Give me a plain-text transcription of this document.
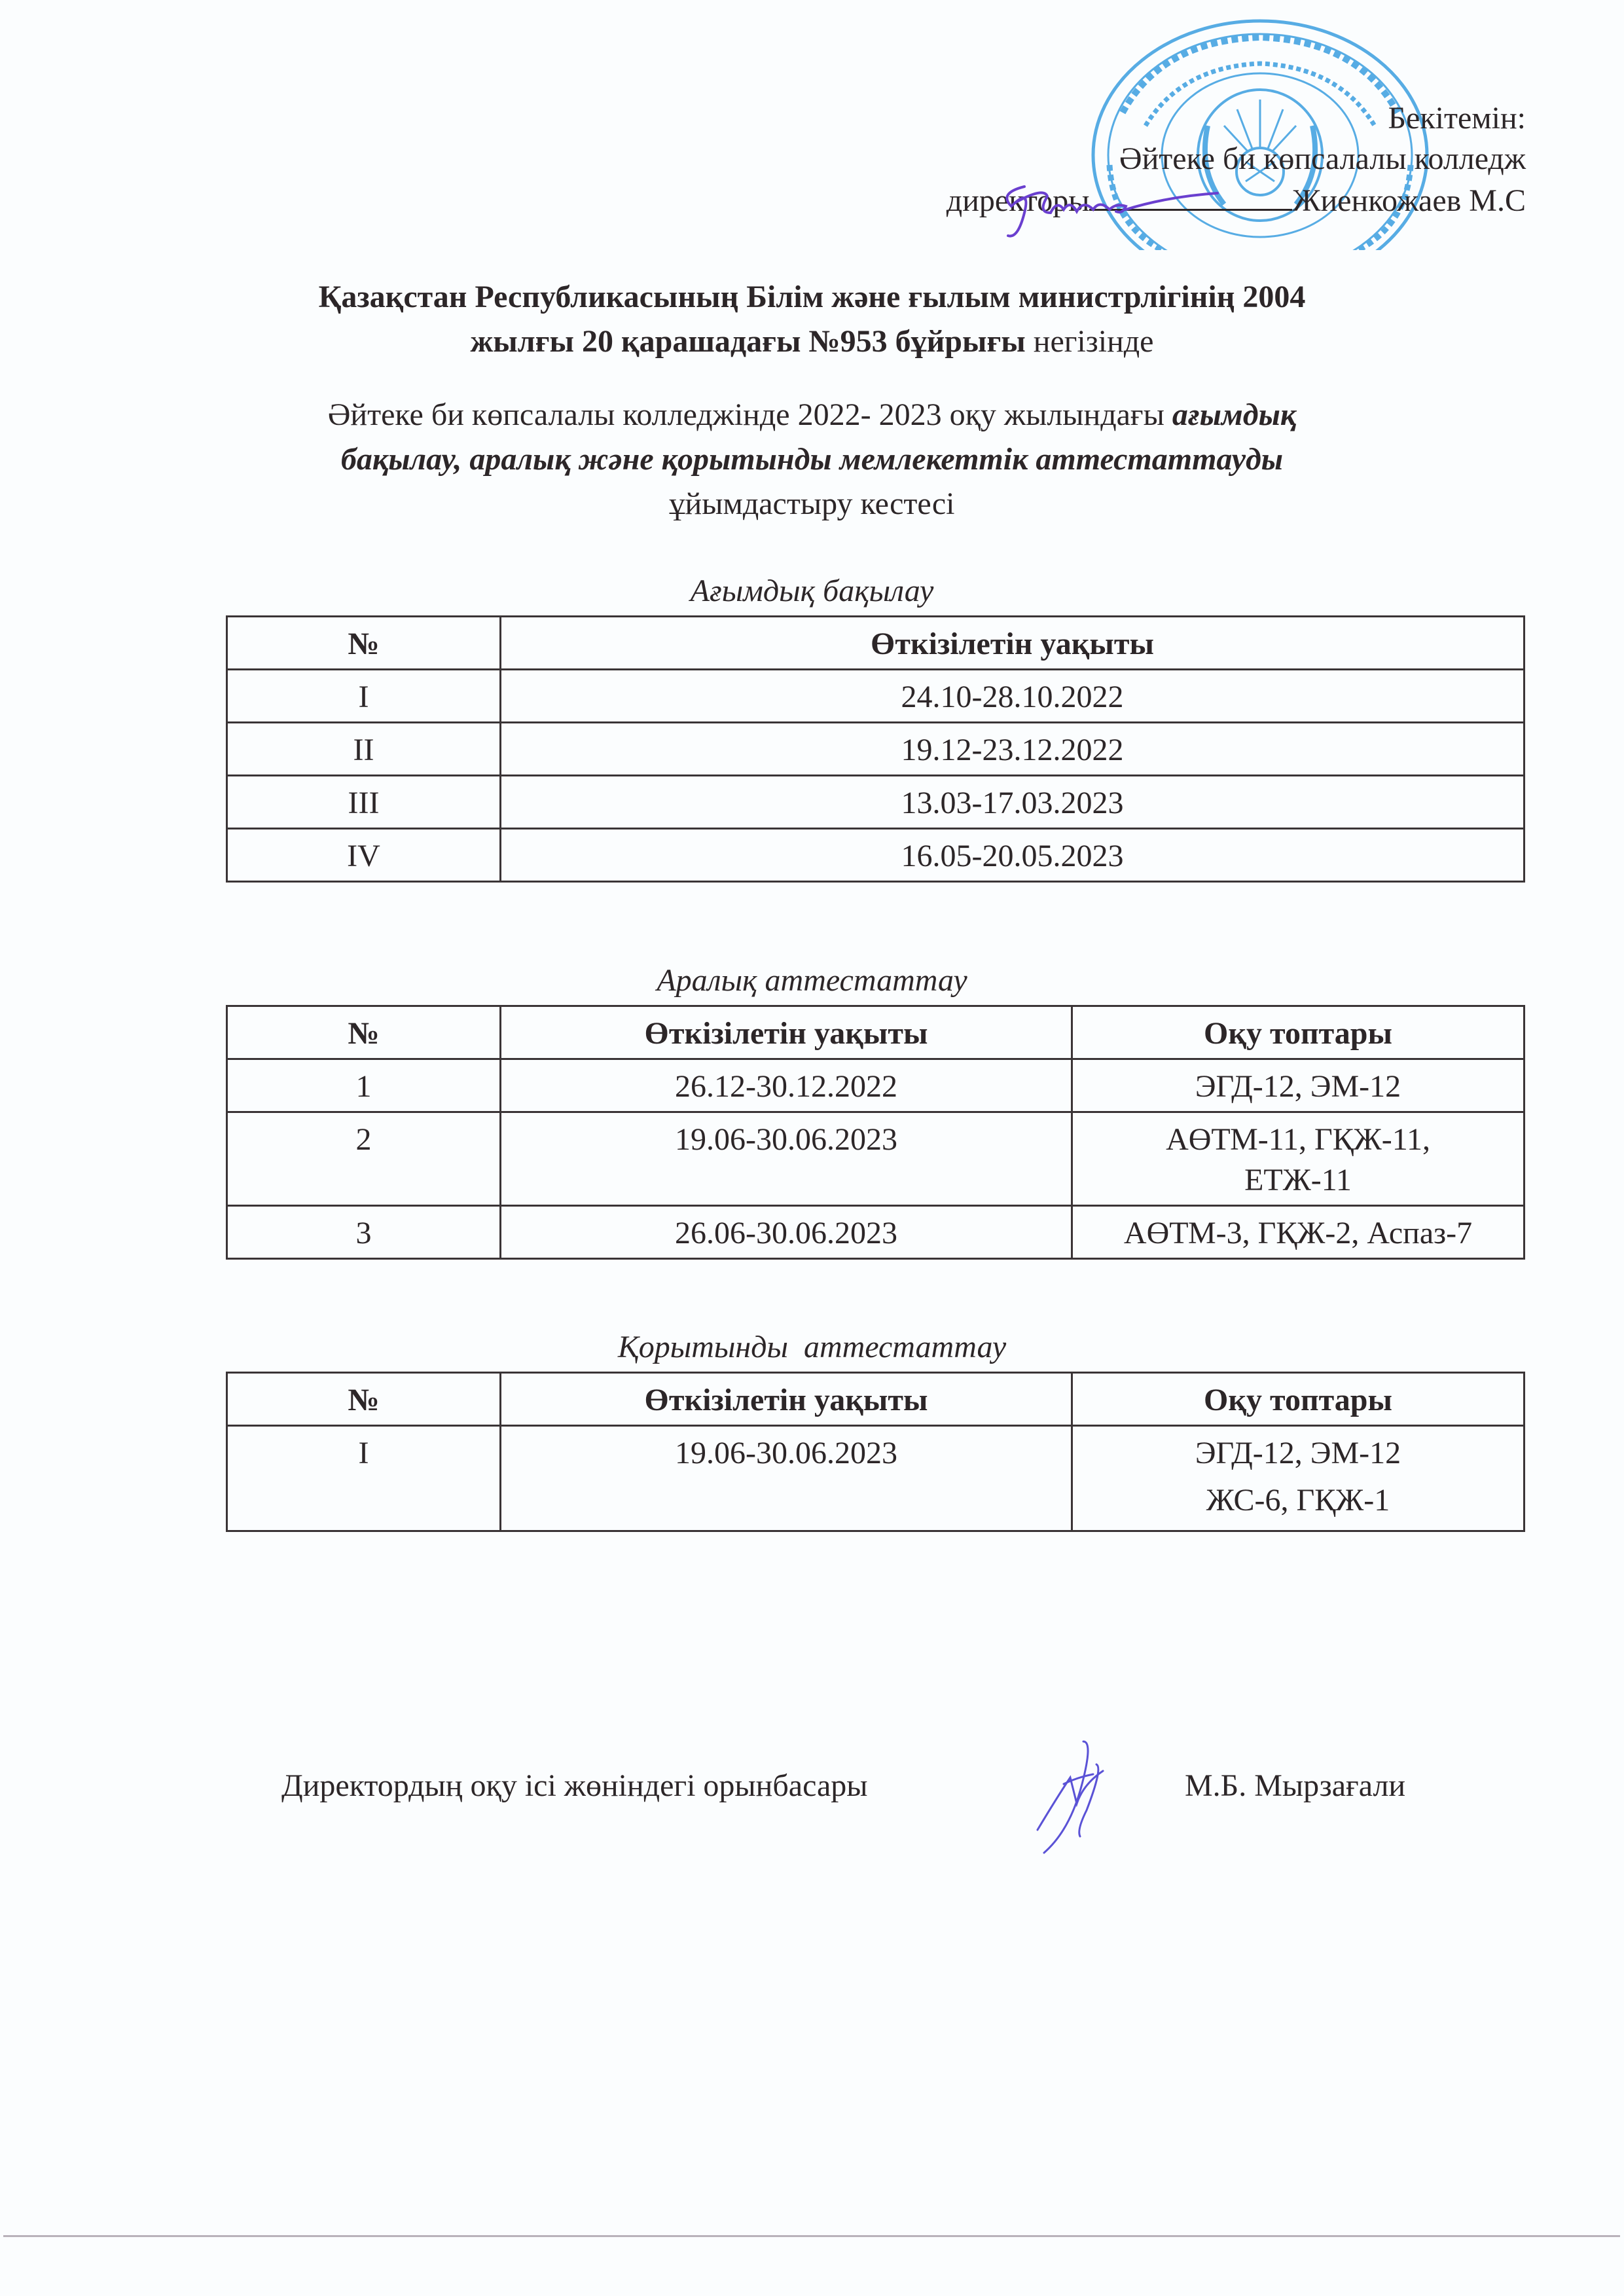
Бекітемін:
Әйтеке би көпсалалы колледж
директоры	Жиенкожаев М.С
Қазақстан Республикасының Білім және ғылым министрлігінің 2004
жылғы 20 қарашадағы №953 бұйрығы негізінде
Әйтеке би көпсалалы колледжінде 2022- 2023 оқу жылындағы ағымдық
бақылау, аралық және қорытынды мемлекеттік аттестаттауды
ұйымдастыру кестесі
Ағымдық бақылау
№	Өткізілетін уақыты
I	24.10-28.10.2022
II	19.12-23.12.2022
III	13.03-17.03.2023
IV	16.05-20.05.2023
Аралық аттестаттау
№	Өткізілетін уақыты	Оқу топтары
1	26.12-30.12.2022	ЭГД-12, ЭМ-12
2	19.06-30.06.2023	АӨТМ-11, ГҚЖ-11, ЕТЖ-11
3	26.06-30.06.2023	АӨТМ-3, ГҚЖ-2, Аспаз-7
Қорытынды  аттестаттау
№	Өткізілетін уақыты	Оқу топтары
I	19.06-30.06.2023	ЭГД-12, ЭМ-12
ЖС-6, ГҚЖ-1
Директордың оқу ісі жөніндегі орынбасары	М.Б. Мырзағали
